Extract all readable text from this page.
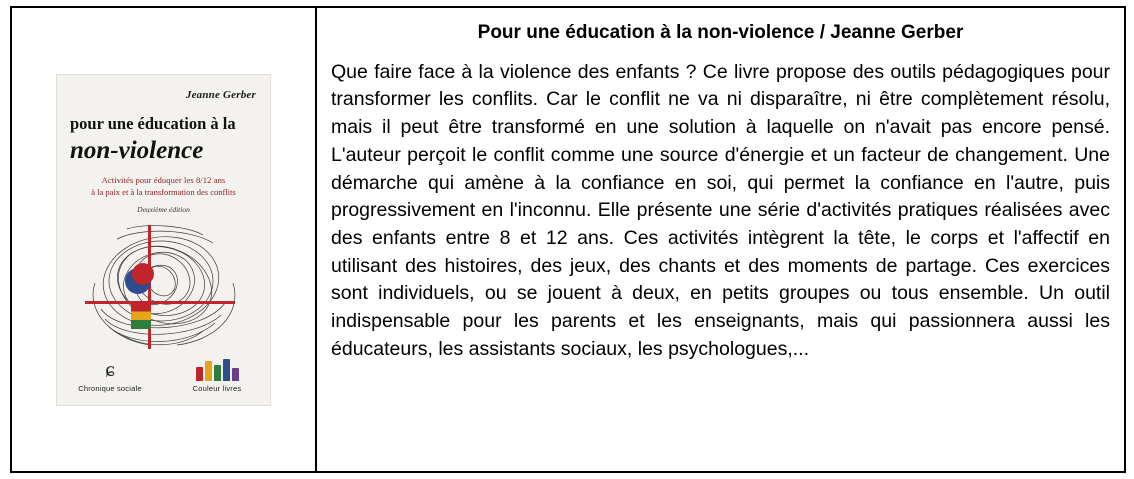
Jeanne Gerber
pour une éducation à la
non-violence
Activités pour éduquer les 8/12 ans
à la paix et à la transformation des conflits
Deuxième édition
ɕ
Chronique sociale	Couleur livres
Pour une éducation à la non-violence / Jeanne Gerber

Que faire face à la violence des enfants ? Ce livre propose des outils pédagogiques pour transformer les conflits. Car le conflit ne va ni disparaître, ni être complètement résolu, mais il peut être transformé en une solution à laquelle on n'avait pas encore pensé. L'auteur perçoit le conflit comme une source d'énergie et un facteur de changement. Une démarche qui amène à la confiance en soi, qui permet la confiance en l'autre, puis progressivement en l'inconnu. Elle présente une série d'activités pratiques réalisées avec des enfants entre 8 et 12 ans. Ces activités intègrent la tête, le corps et l'affectif en utilisant des histoires, des jeux, des chants et des moments de partage. Ces exercices sont individuels, ou se jouent à deux, en petits groupes ou tous ensemble. Un outil indispensable pour les parents et les enseignants, mais qui passionnera aussi les éducateurs, les assistants sociaux, les psychologues,...
